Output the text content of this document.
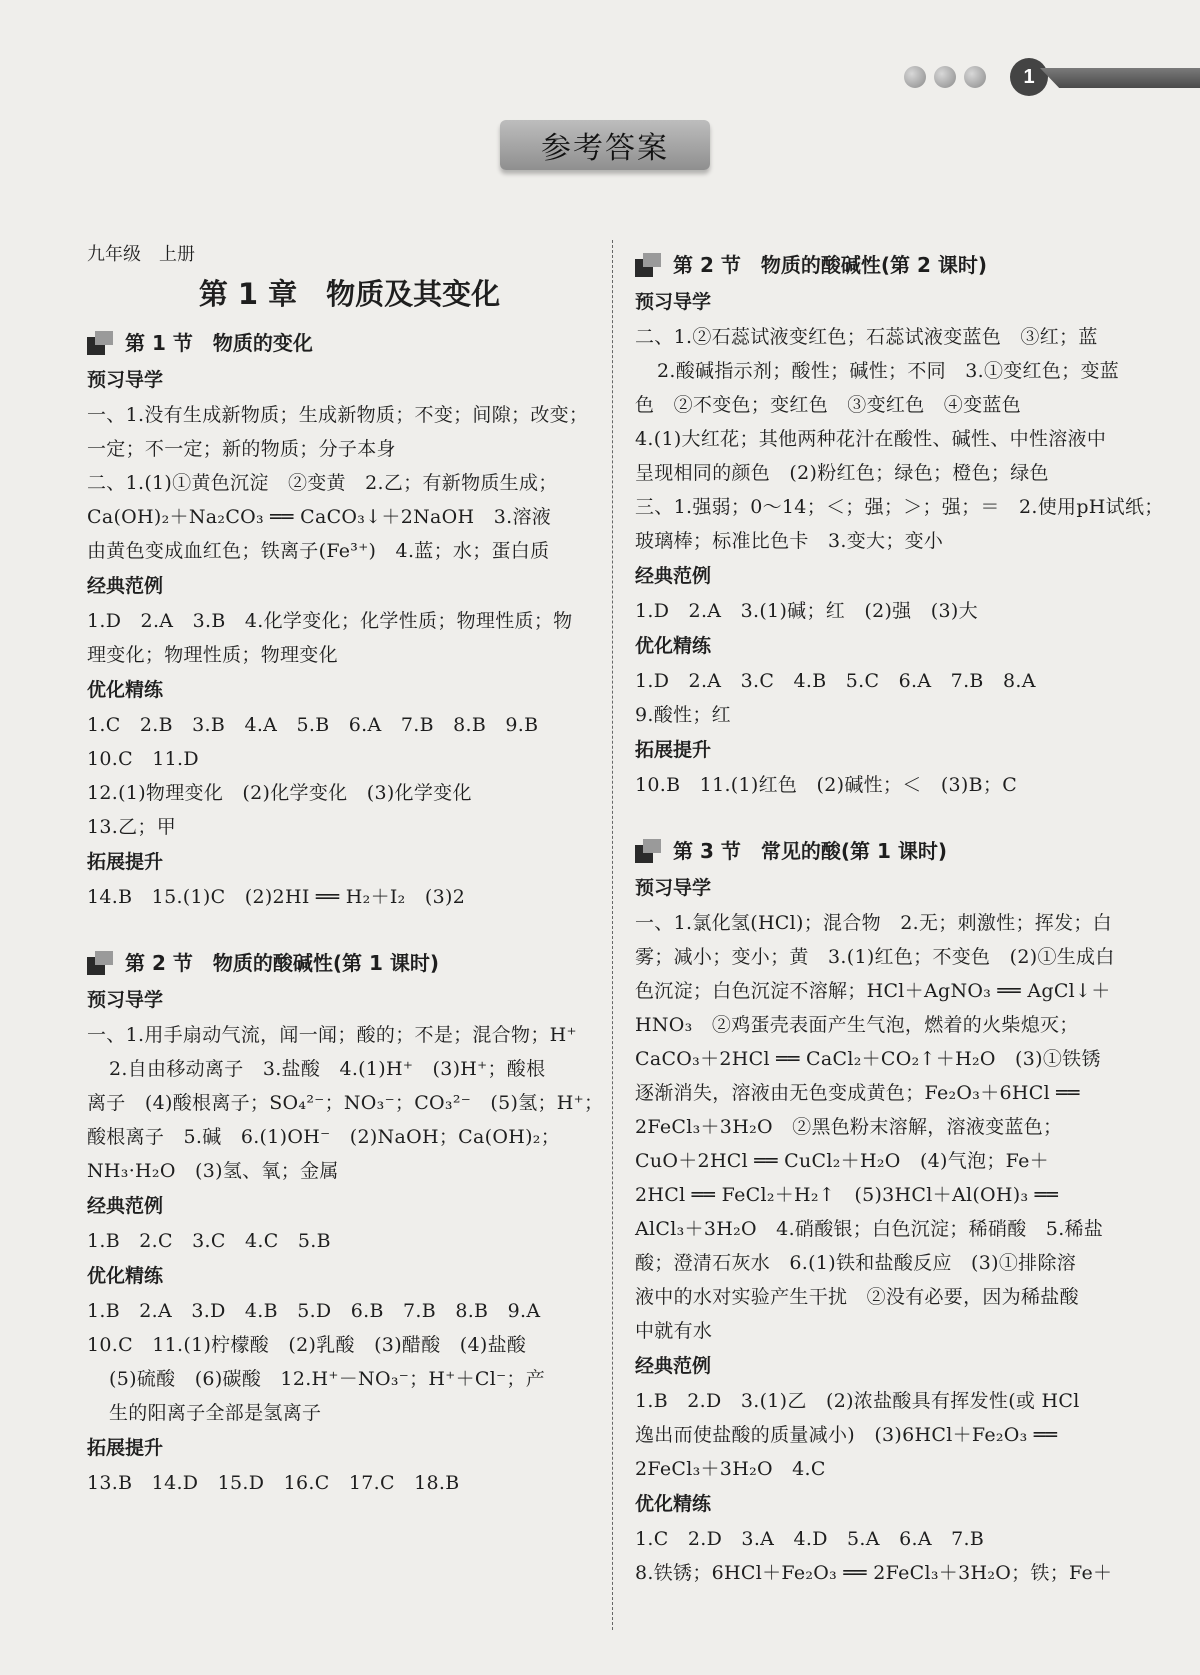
1
参考答案
九年级　上册
第 1 章　物质及其变化
第 1 节　物质的变化
预习导学
一、1.没有生成新物质；生成新物质；不变；间隙；改变；
一定；不一定；新的物质；分子本身
二、1.(1)①黄色沉淀　②变黄　2.乙；有新物质生成；
Ca(OH)₂＋Na₂CO₃ ══ CaCO₃↓＋2NaOH　3.溶液
由黄色变成血红色；铁离子(Fe³⁺)　4.蓝；水；蛋白质
经典范例
1.D　2.A　3.B　4.化学变化；化学性质；物理性质；物
理变化；物理性质；物理变化
优化精练
1.C　2.B　3.B　4.A　5.B　6.A　7.B　8.B　9.B
10.C　11.D
12.(1)物理变化　(2)化学变化　(3)化学变化
13.乙；甲
拓展提升
14.B　15.(1)C　(2)2HI ══ H₂＋I₂　(3)2
第 2 节　物质的酸碱性(第 1 课时)
预习导学
一、1.用手扇动气流，闻一闻；酸的；不是；混合物；H⁺
2.自由移动离子　3.盐酸　4.(1)H⁺　(3)H⁺；酸根
离子　(4)酸根离子；SO₄²⁻；NO₃⁻；CO₃²⁻　(5)氢；H⁺；
酸根离子　5.碱　6.(1)OH⁻　(2)NaOH；Ca(OH)₂；
NH₃·H₂O　(3)氢、氧；金属
经典范例
1.B　2.C　3.C　4.C　5.B
优化精练
1.B　2.A　3.D　4.B　5.D　6.B　7.B　8.B　9.A
10.C　11.(1)柠檬酸　(2)乳酸　(3)醋酸　(4)盐酸
(5)硫酸　(6)碳酸　12.H⁺－NO₃⁻；H⁺＋Cl⁻；产
生的阳离子全部是氢离子
拓展提升
13.B　14.D　15.D　16.C　17.C　18.B
第 2 节　物质的酸碱性(第 2 课时)
预习导学
二、1.②石蕊试液变红色；石蕊试液变蓝色　③红；蓝
2.酸碱指示剂；酸性；碱性；不同　3.①变红色；变蓝
色　②不变色；变红色　③变红色　④变蓝色
4.(1)大红花；其他两种花汁在酸性、碱性、中性溶液中
呈现相同的颜色　(2)粉红色；绿色；橙色；绿色
三、1.强弱；0～14；＜；强；＞；强；＝　2.使用pH试纸；
玻璃棒；标准比色卡　3.变大；变小
经典范例
1.D　2.A　3.(1)碱；红　(2)强　(3)大
优化精练
1.D　2.A　3.C　4.B　5.C　6.A　7.B　8.A
9.酸性；红
拓展提升
10.B　11.(1)红色　(2)碱性；＜　(3)B；C
第 3 节　常见的酸(第 1 课时)
预习导学
一、1.氯化氢(HCl)；混合物　2.无；刺激性；挥发；白
雾；减小；变小；黄　3.(1)红色；不变色　(2)①生成白
色沉淀；白色沉淀不溶解；HCl＋AgNO₃ ══ AgCl↓＋
HNO₃　②鸡蛋壳表面产生气泡，燃着的火柴熄灭；
CaCO₃＋2HCl ══ CaCl₂＋CO₂↑＋H₂O　(3)①铁锈
逐渐消失，溶液由无色变成黄色；Fe₂O₃＋6HCl ══
2FeCl₃＋3H₂O　②黑色粉末溶解，溶液变蓝色；
CuO＋2HCl ══ CuCl₂＋H₂O　(4)气泡；Fe＋
2HCl ══ FeCl₂＋H₂↑　(5)3HCl＋Al(OH)₃ ══
AlCl₃＋3H₂O　4.硝酸银；白色沉淀；稀硝酸　5.稀盐
酸；澄清石灰水　6.(1)铁和盐酸反应　(3)①排除溶
液中的水对实验产生干扰　②没有必要，因为稀盐酸
中就有水
经典范例
1.B　2.D　3.(1)乙　(2)浓盐酸具有挥发性(或 HCl
逸出而使盐酸的质量减小)　(3)6HCl＋Fe₂O₃ ══
2FeCl₃＋3H₂O　4.C
优化精练
1.C　2.D　3.A　4.D　5.A　6.A　7.B
8.铁锈；6HCl＋Fe₂O₃ ══ 2FeCl₃＋3H₂O；铁；Fe＋
